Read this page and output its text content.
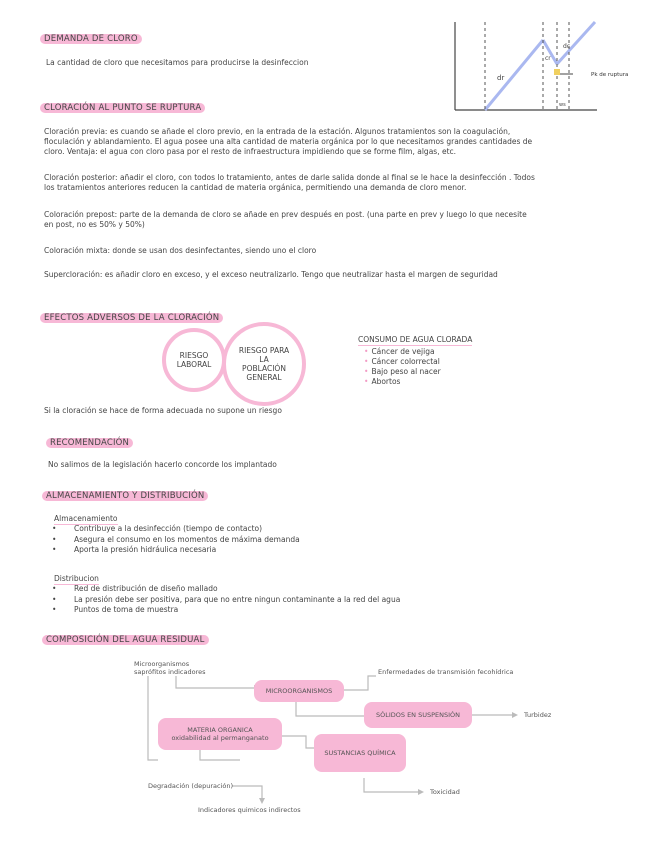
DEMANDA DE CLORO
La cantidad de cloro que necesitamos para producirse la desinfeccion
dr
cr
dc
Pk de ruptura
ws
CLORACIÓN AL PUNTO SE RUPTURA
Cloración previa: es cuando se añade el cloro previo, en la entrada de la estación. Algunos tratamientos son la coagulación,
floculación y ablandamiento. El agua posee una alta cantidad de materia orgánica por lo que necesitamos grandes cantidades de
cloro. Ventaja: el agua con cloro pasa por el resto de infraestructura impidiendo que se forme film, algas, etc.
Cloración posterior: añadir el cloro, con todos lo tratamiento, antes de darle salida donde al final se le hace la desinfección . Todos
los tratamientos anteriores reducen la cantidad de materia orgánica, permitiendo una demanda de cloro menor.
Coloración prepost: parte de la demanda de cloro se añade en prev después en post. (una parte en prev y luego lo que necesite
en post, no es 50% y 50%)
Coloración mixta: donde se usan dos desinfectantes, siendo uno el cloro
Supercloración: es añadir cloro en exceso, y el exceso neutralizarlo. Tengo que neutralizar hasta el margen de seguridad
EFECTOS ADVERSOS DE LA CLORACIÓN
RIESGO
LABORAL
RIESGO PARA
LA
POBLACIÓN
GENERAL
CONSUMO DE AGUA CLORADA
• Cáncer de vejiga
• Cáncer colorrectal
• Bajo peso al nacer
• Abortos
Si la cloración se hace de forma adecuada no supone un riesgo
RECOMENDACIÓN
No salimos de la legislación hacerlo concorde los implantado
ALMACENAMIENTO Y DISTRIBUCIÓN
Almacenamiento
• Contribuye a la desinfección (tiempo de contacto)
• Asegura el consumo en los momentos de máxima demanda
• Aporta la presión hidráulica necesaria
Distribucion
• Red de distribución de diseño mallado
• La presión debe ser positiva, para que no entre ningun contaminante a la red del agua
• Puntos de toma de muestra
COMPOSICIÓN DEL AGUA RESIDUAL
Microorganismos
saprófitos indicadores
MICROORGANISMOS
Enfermedades de transmisión fecohídrica
SÓLIDOS EN SUSPENSIÓN	Turbidez
MATERIA ORGANICA
oxidabilidad al permanganato
SUSTANCIAS QUÍMICA
Degradación (depuración)
Toxicidad
Indicadores quimicos indirectos
